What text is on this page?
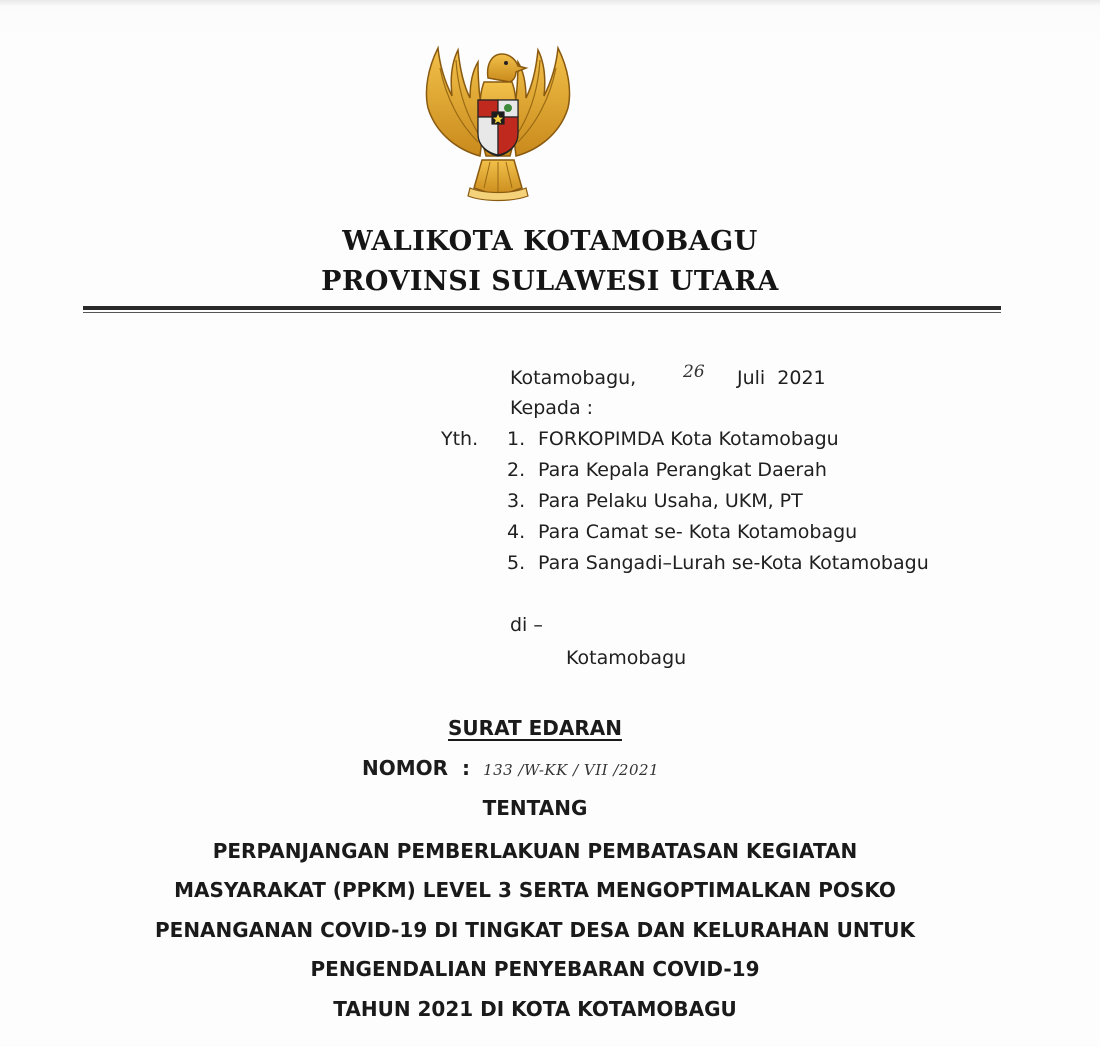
WALIKOTA KOTAMOBAGU
PROVINSI SULAWESI UTARA
Kotamobagu,	26 Juli  2021
Kepada :
Yth. 1. FORKOPIMDA Kota Kotamobagu
2. Para Kepala Perangkat Daerah
3. Para Pelaku Usaha, UKM, PT
4. Para Camat se- Kota Kotamobagu
5. Para Sangadi–Lurah se-Kota Kotamobagu
di –
Kotamobagu
SURAT EDARAN
NOMOR  : 133 /W-KK / VII /2021
TENTANG
PERPANJANGAN PEMBERLAKUAN PEMBATASAN KEGIATAN
MASYARAKAT (PPKM) LEVEL 3 SERTA MENGOPTIMALKAN POSKO
PENANGANAN COVID-19 DI TINGKAT DESA DAN KELURAHAN UNTUK
PENGENDALIAN PENYEBARAN COVID-19
TAHUN 2021 DI KOTA KOTAMOBAGU
